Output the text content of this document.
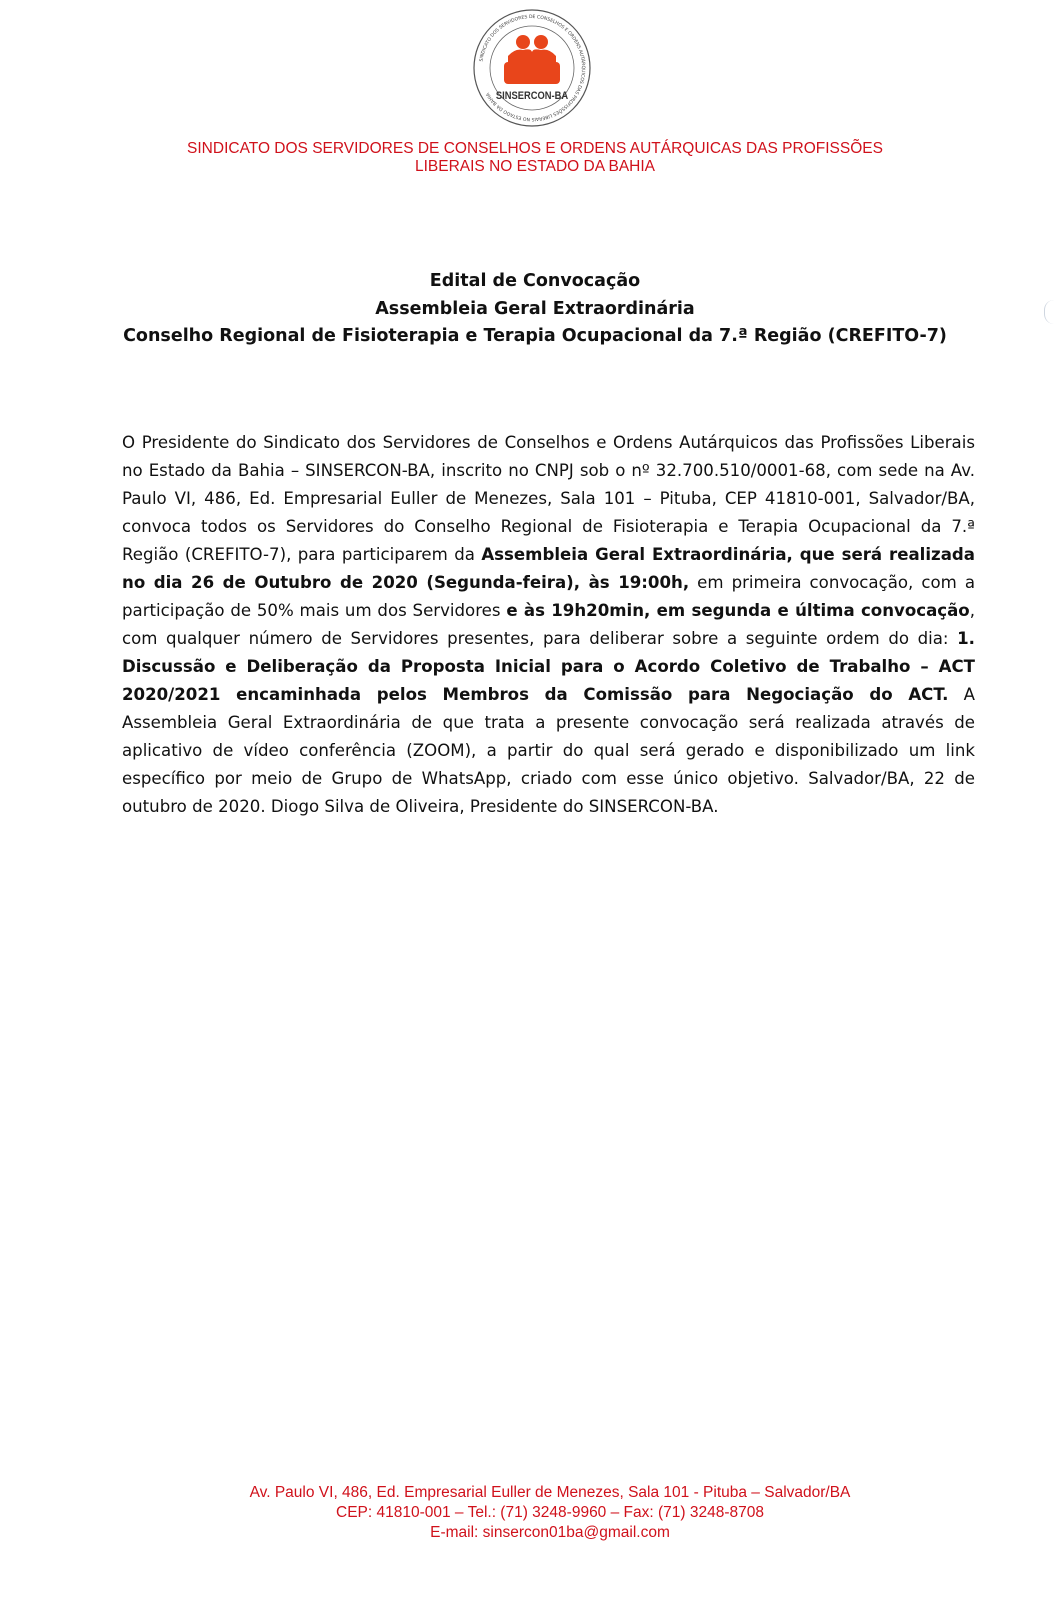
SINDICATO DOS SERVIDORES DE CONSELHOS E ORDENS AUTÁRQUICOS DAS PROFISSÕES LIBERAIS NO ESTADO DA BAHIA SINSERCON-BA
SINDICATO DOS SERVIDORES DE CONSELHOS E ORDENS AUTÁRQUICAS DAS PROFISSÕES
LIBERAIS NO ESTADO DA BAHIA
Edital de Convocação
Assembleia Geral Extraordinária
Conselho Regional de Fisioterapia e Terapia Ocupacional da 7.ª Região (CREFITO-7)
O Presidente do Sindicato dos Servidores de Conselhos e Ordens Autárquicos das Profissões Liberais no Estado da Bahia – SINSERCON-BA, inscrito no CNPJ sob o nº 32.700.510/0001-68, com sede na Av. Paulo VI, 486, Ed. Empresarial Euller de Menezes, Sala 101 – Pituba, CEP 41810-001, Salvador/BA, convoca todos os Servidores do Conselho Regional de Fisioterapia e Terapia Ocupacional da 7.ª Região (CREFITO-7), para participarem da Assembleia Geral Extraordinária, que será realizada no dia 26 de Outubro de 2020 (Segunda-feira), às 19:00h, em primeira convocação, com a participação de 50% mais um dos Servidores e às 19h20min, em segunda e última convocação, com qualquer número de Servidores presentes, para deliberar sobre a seguinte ordem do dia: 1. Discussão e Deliberação da Proposta Inicial para o Acordo Coletivo de Trabalho – ACT 2020/2021 encaminhada pelos Membros da Comissão para Negociação do ACT. A Assembleia Geral Extraordinária de que trata a presente convocação será realizada através de aplicativo de vídeo conferência (ZOOM), a partir do qual será gerado e disponibilizado um link específico por meio de Grupo de WhatsApp, criado com esse único objetivo. Salvador/BA, 22 de outubro de 2020. Diogo Silva de Oliveira, Presidente do SINSERCON-BA.
Av. Paulo VI, 486, Ed. Empresarial Euller de Menezes, Sala 101 - Pituba – Salvador/BA
CEP: 41810-001 – Tel.: (71) 3248-9960 – Fax: (71) 3248-8708
E-mail: sinsercon01ba@gmail.com
